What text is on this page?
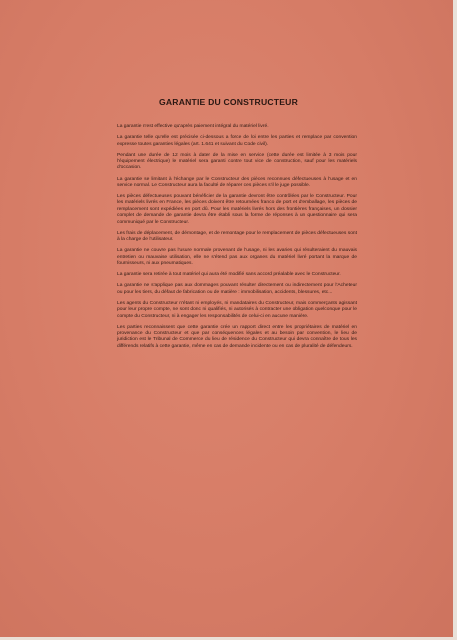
GARANTIE DU CONSTRUCTEUR

La garantie n'est effective qu'après paiement intégral du matériel livré.

La garantie telle qu'elle est précisée ci-dessous a force de loi entre les parties et remplace par convention expresse toutes garanties légales (art. 1.641 et suivant du Code civil).

Pendant une durée de 12 mois à dater de la mise en service (cette durée est limitée à 3 mois pour l'équipement électrique) le matériel sera garanti contre tout vice de construction, sauf pour les matériels d'occasion.

La garantie se limitant à l'échange par le Constructeur des pièces reconnues défectueuses à l'usage et en service normal. Le Constructeur aura la faculté de réparer ces pièces s'il le juge possible.

Les pièces défectueuses pouvant bénéficier de la garantie devront être contrôlées par le Constructeur. Pour les matériels livrés en France, les pièces doivent être retournées franco de port et d'emballage, les pièces de remplacement sont expédiées en port dû. Pour les matériels livrés hors des frontières françaises, un dossier complet de demande de garantie devra être établi sous la forme de réponses à un questionnaire qui sera communiqué par le Constructeur.

Les frais de déplacement, de démontage, et de remontage pour le remplacement de pièces défectueuses sont à la charge de l'utilisateur.

La garantie ne couvre pas l'usure normale provenant de l'usage, ni les avaries qui résulteraient du mauvais entretien ou mauvaise utilisation, elle ne s'étend pas aux organes du matériel livré portant la marque de fournisseurs, ni aux pneumatiques.

La garantie sera retirée à tout matériel qui aura été modifié sans accord préalable avec le Constructeur.

La garantie ne s'applique pas aux dommages pouvant résulter directement ou indirectement pour l'Acheteur ou pour les tiers, du défaut de fabrication ou de matière : immobilisation, accidents, blessures, etc...

Les agents du Constructeur n'étant ni employés, ni mandataires du Constructeur, mais commerçants agissant pour leur propre compte, ne sont donc ni qualifiés, ni autorisés à contracter une obligation quelconque pour le compte du Constructeur, ni à engager les responsabilités de celui-ci en aucune manière.

Les parties reconnaissent que cette garantie crée un rapport direct entre les propriétaires de matériel en provenance du Constructeur et que par conséquences légales et au besoin par convention, le lieu de juridiction est le Tribunal de Commerce du lieu de résidence du Constructeur qui devra connaître de tous les différends relatifs à cette garantie, même en cas de demande incidente ou en cas de pluralité de défendeurs.
